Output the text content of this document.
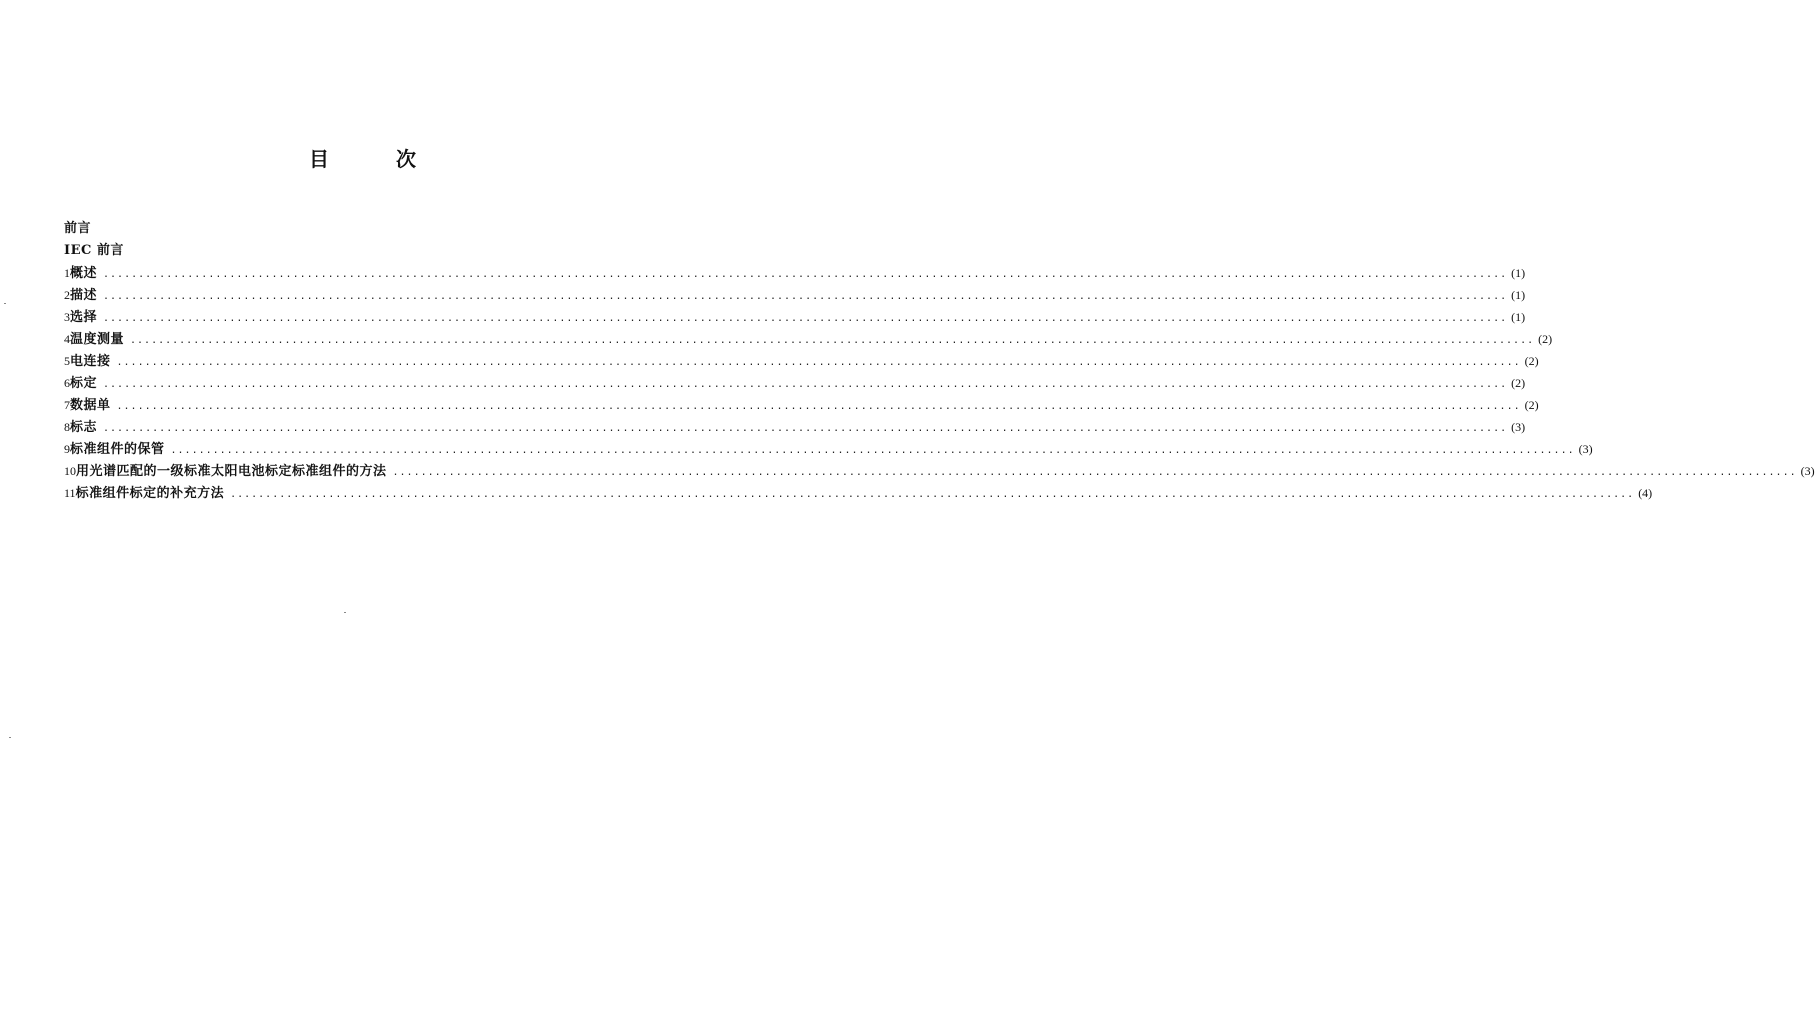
目	次
前言
IEC 前言
1 概述 ........................................................................................................................................................................................................ (1)
2 描述 ........................................................................................................................................................................................................ (1)
3 选择 ........................................................................................................................................................................................................ (1)
4 温度测量 ........................................................................................................................................................................................................ (2)
5 电连接 ........................................................................................................................................................................................................ (2)
6 标定 ........................................................................................................................................................................................................ (2)
7 数据单 ........................................................................................................................................................................................................ (2)
8 标志 ........................................................................................................................................................................................................ (3)
9 标准组件的保管 ........................................................................................................................................................................................................ (3)
10 用光谱匹配的一级标准太阳电池标定标准组件的方法 ........................................................................................................................................................................................................ (3)
11 标准组件标定的补充方法 ........................................................................................................................................................................................................ (4)
